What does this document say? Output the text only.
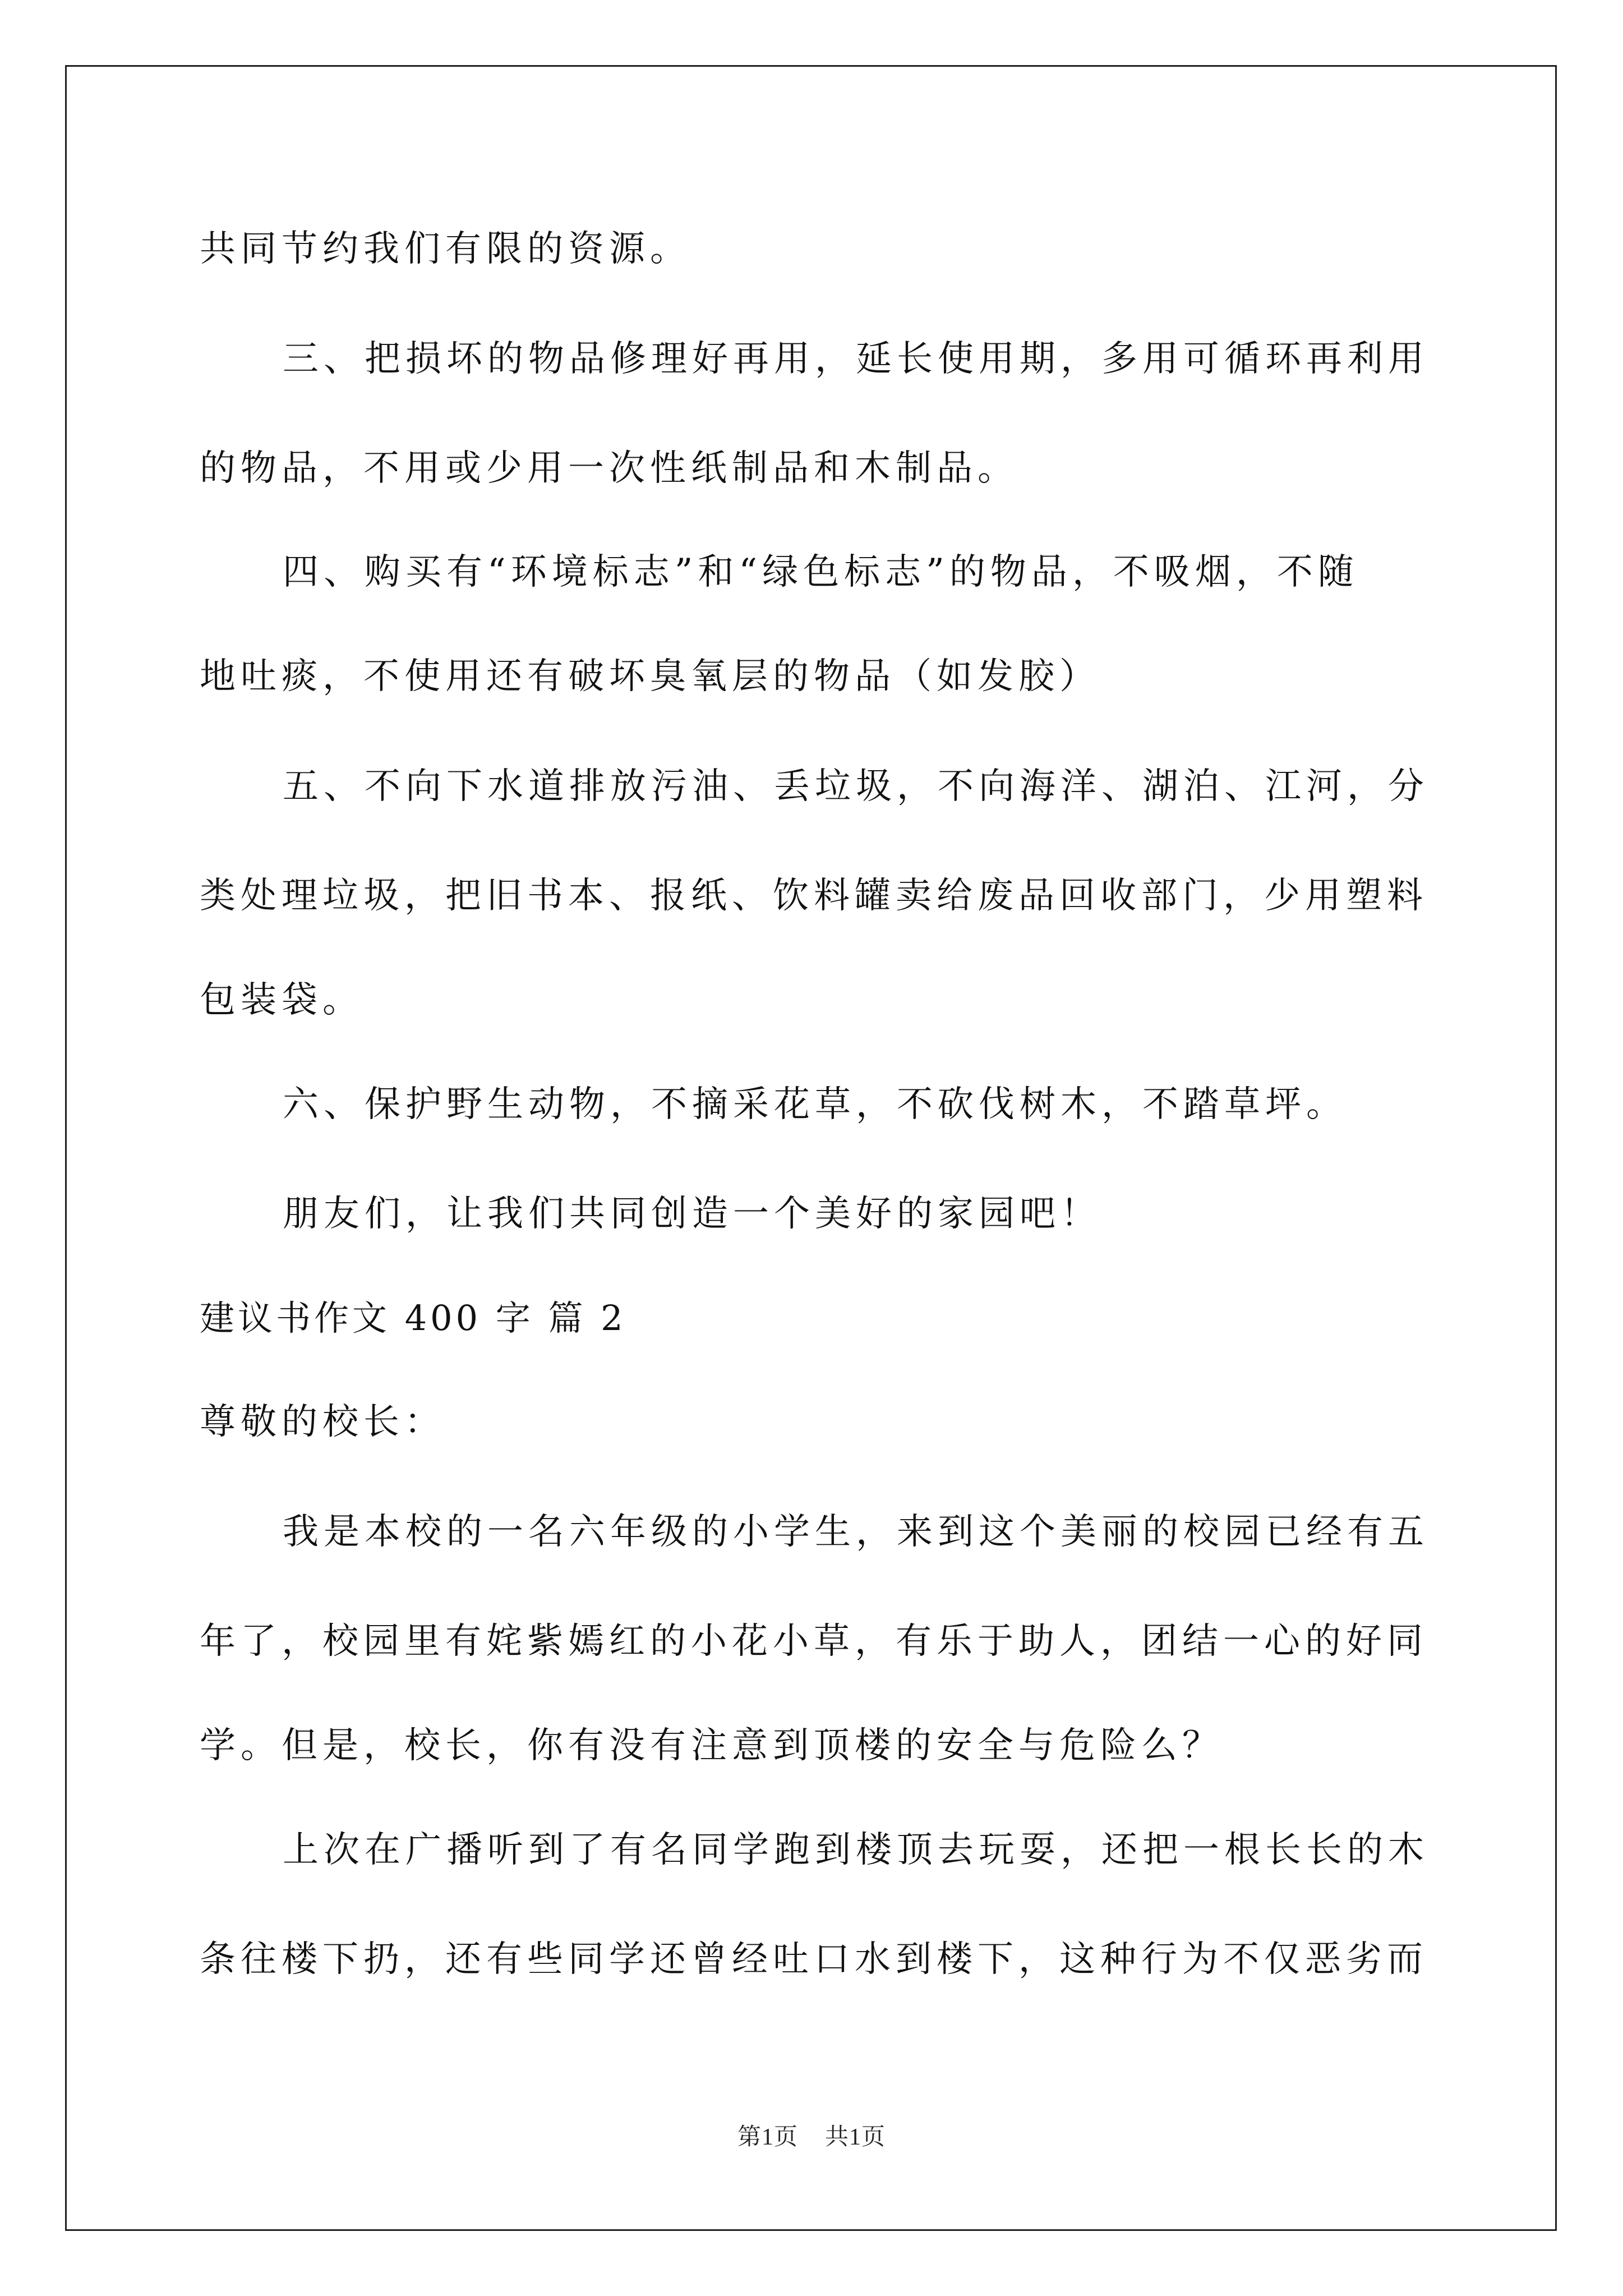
共同节约我们有限的资源。
三、把损坏的物品修理好再用，延长使用期，多用可循环再利用
的物品，不用或少用一次性纸制品和木制品。
四、购买有“环境标志”和“绿色标志”的物品，不吸烟，不随
地吐痰，不使用还有破坏臭氧层的物品（如发胶）
五、不向下水道排放污油、丢垃圾，不向海洋、湖泊、江河，分
类处理垃圾，把旧书本、报纸、饮料罐卖给废品回收部门，少用塑料
包装袋。
六、保护野生动物，不摘采花草，不砍伐树木，不踏草坪。
朋友们，让我们共同创造一个美好的家园吧！
建议书作文 400 字 篇 2
尊敬的校长：
我是本校的一名六年级的小学生，来到这个美丽的校园已经有五
年了，校园里有姹紫嫣红的小花小草，有乐于助人，团结一心的好同
学。但是，校长，你有没有注意到顶楼的安全与危险么？
上次在广播听到了有名同学跑到楼顶去玩耍，还把一根长长的木
条往楼下扔，还有些同学还曾经吐口水到楼下，这种行为不仅恶劣而
第1页 共1页
